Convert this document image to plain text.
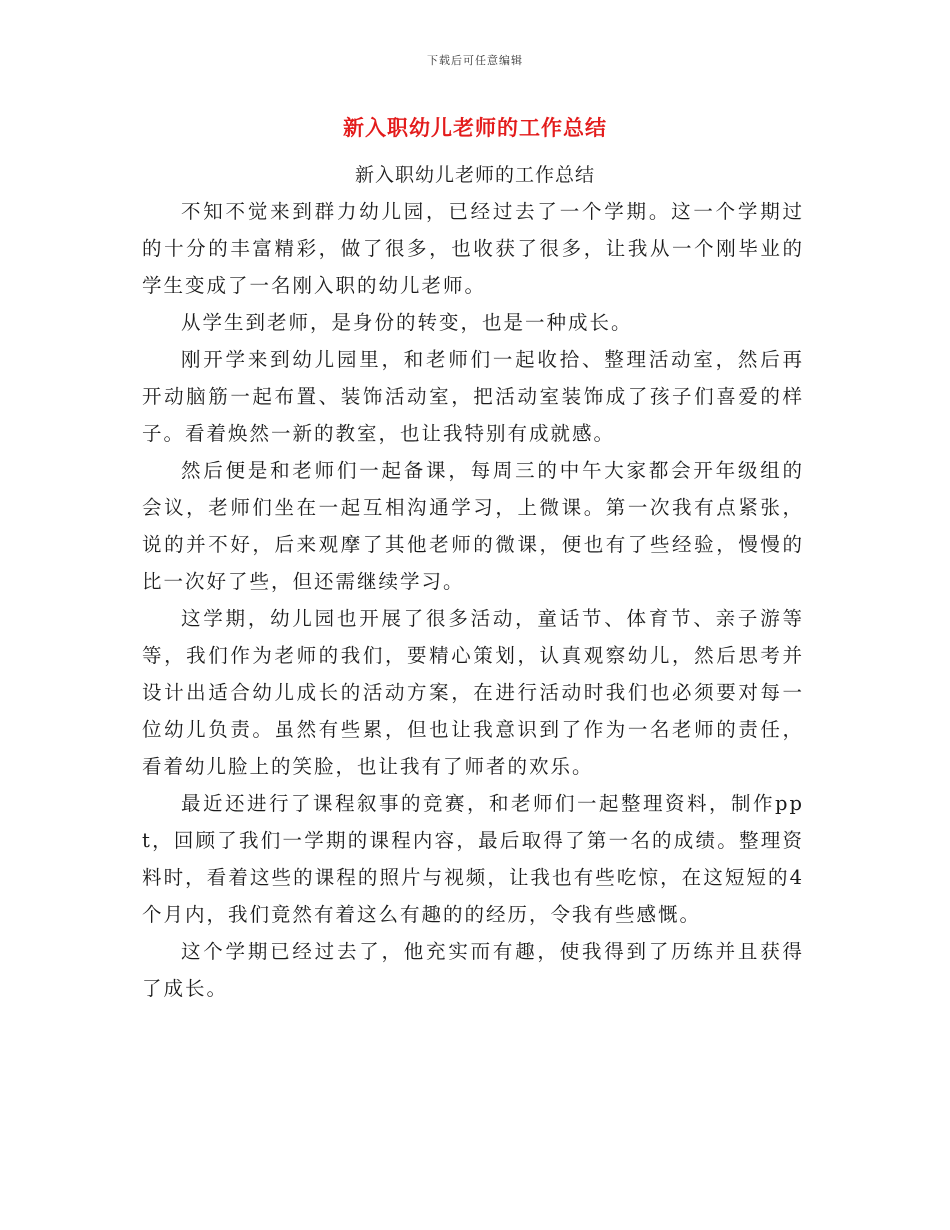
下载后可任意编辑
新入职幼儿老师的工作总结
新入职幼儿老师的工作总结

不知不觉来到群力幼儿园，已经过去了一个学期。这一个学期过的十分的丰富精彩，做了很多，也收获了很多，让我从一个刚毕业的学生变成了一名刚入职的幼儿老师。

从学生到老师，是身份的转变，也是一种成长。

刚开学来到幼儿园里，和老师们一起收拾、整理活动室，然后再开动脑筋一起布置、装饰活动室，把活动室装饰成了孩子们喜爱的样子。看着焕然一新的教室，也让我特别有成就感。

然后便是和老师们一起备课，每周三的中午大家都会开年级组的会议，老师们坐在一起互相沟通学习，上微课。第一次我有点紧张，说的并不好，后来观摩了其他老师的微课，便也有了些经验，慢慢的比一次好了些，但还需继续学习。

这学期，幼儿园也开展了很多活动，童话节、体育节、亲子游等等，我们作为老师的我们，要精心策划，认真观察幼儿，然后思考并设计出适合幼儿成长的活动方案，在进行活动时我们也必须要对每一位幼儿负责。虽然有些累，但也让我意识到了作为一名老师的责任，看着幼儿脸上的笑脸，也让我有了师者的欢乐。

最近还进行了课程叙事的竞赛，和老师们一起整理资料，制作ppt，回顾了我们一学期的课程内容，最后取得了第一名的成绩。整理资料时，看着这些的课程的照片与视频，让我也有些吃惊，在这短短的4个月内，我们竟然有着这么有趣的的经历，令我有些感慨。

这个学期已经过去了，他充实而有趣，使我得到了历练并且获得了成长。
